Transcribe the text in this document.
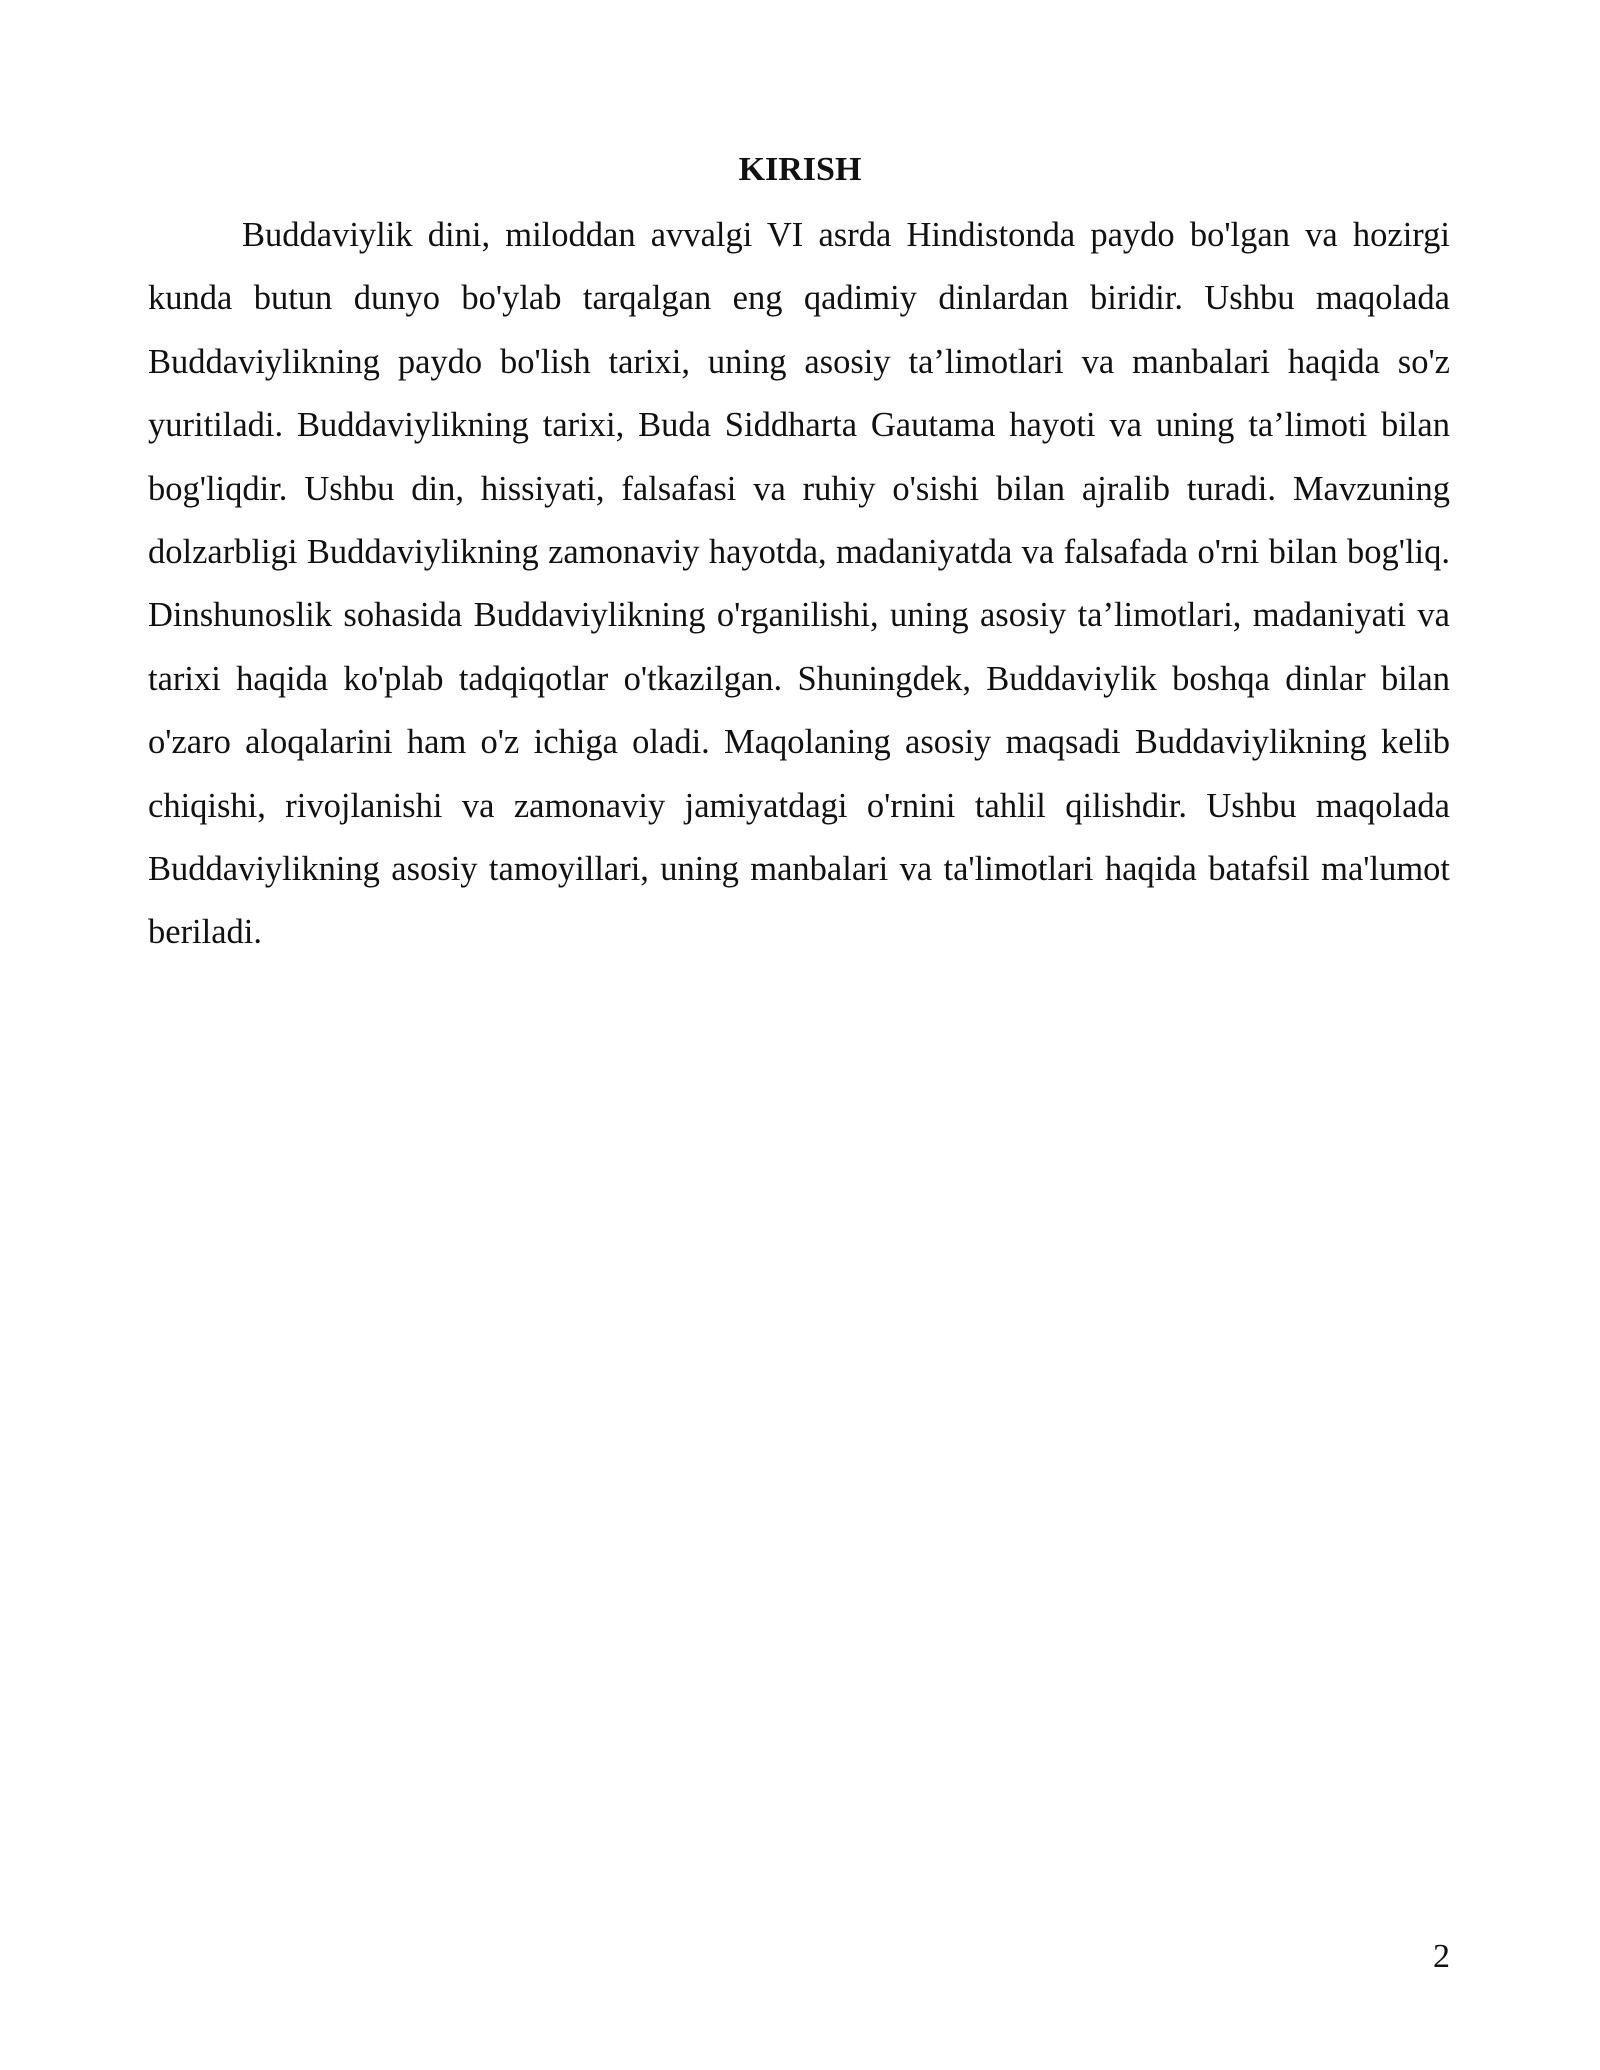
KIRISH

Buddaviylik dini, miloddan avvalgi VI asrda Hindistonda paydo bo'lgan va hozirgi kunda butun dunyo bo'ylab tarqalgan eng qadimiy dinlardan biridir. Ushbu maqolada Buddaviylikning paydo bo'lish tarixi, uning asosiy ta’limotlari va manbalari haqida so'z yuritiladi. Buddaviylikning tarixi, Buda Siddharta Gautama hayoti va uning ta’limoti bilan bog'liqdir. Ushbu din, hissiyati, falsafasi va ruhiy o'sishi bilan ajralib turadi. Mavzuning dolzarbligi Buddaviylikning zamonaviy hayotda, madaniyatda va falsafada o'rni bilan bog'liq. Dinshunoslik sohasida Buddaviylikning o'rganilishi, uning asosiy ta’limotlari, madaniyati va tarixi haqida ko'plab tadqiqotlar o'tkazilgan. Shuningdek, Buddaviylik boshqa dinlar bilan o'zaro aloqalarini ham o'z ichiga oladi. Maqolaning asosiy maqsadi Buddaviylikning kelib chiqishi, rivojlanishi va zamonaviy jamiyatdagi o'rnini tahlil qilishdir. Ushbu maqolada Buddaviylikning asosiy tamoyillari, uning manbalari va ta'limotlari haqida batafsil ma'lumot beriladi.

2
